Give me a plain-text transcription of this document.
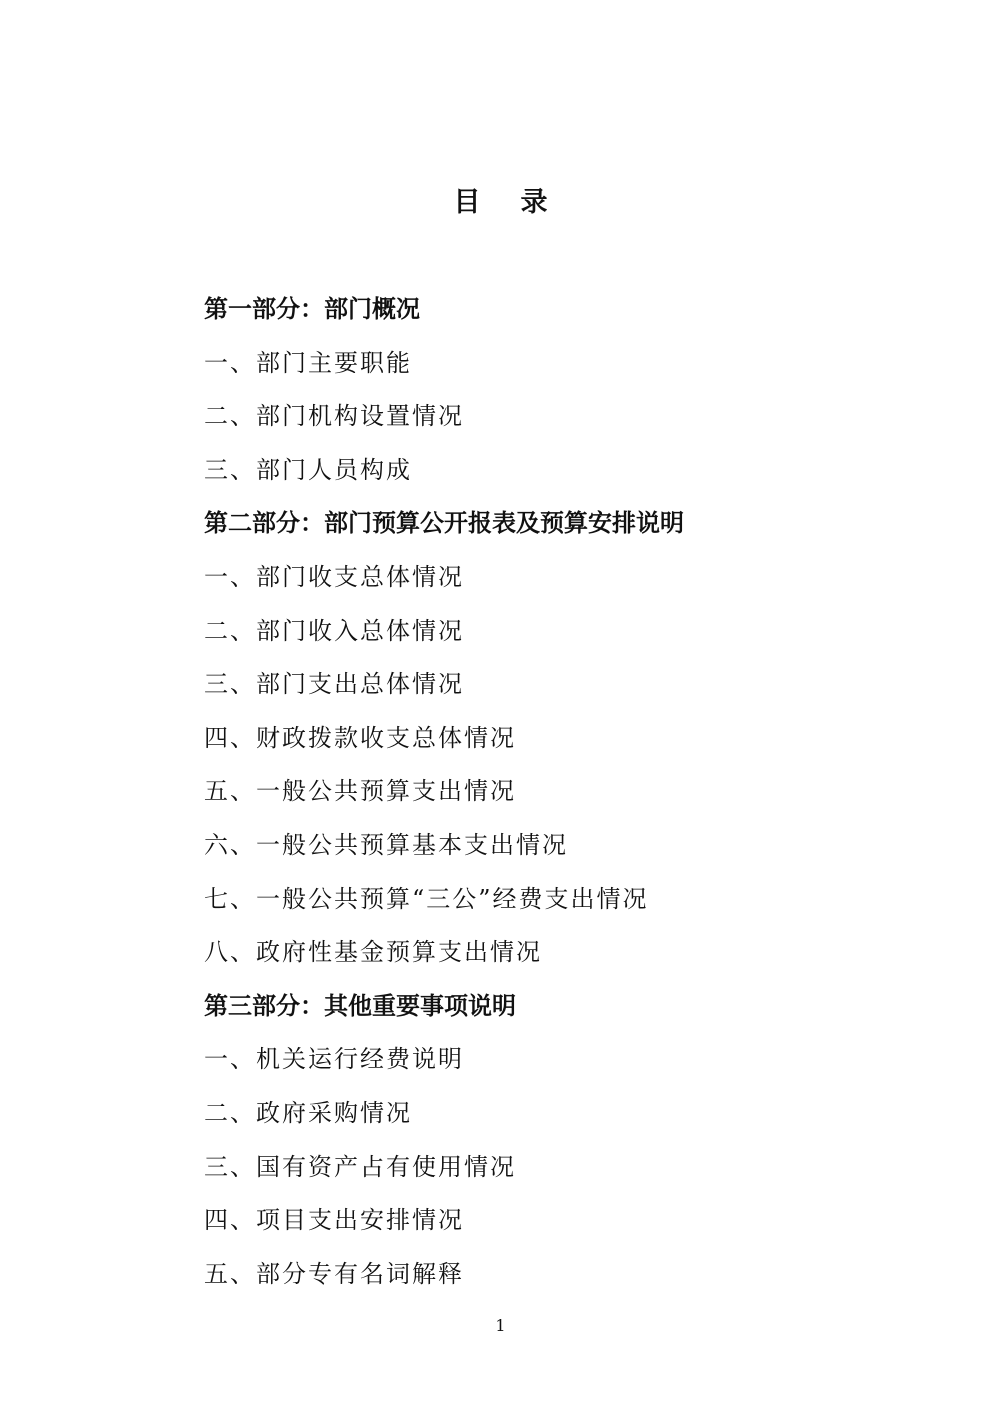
目录
第一部分：部门概况
一、部门主要职能
二、部门机构设置情况
三、部门人员构成
第二部分：部门预算公开报表及预算安排说明
一、部门收支总体情况
二、部门收入总体情况
三、部门支出总体情况
四、财政拨款收支总体情况
五、一般公共预算支出情况
六、一般公共预算基本支出情况
七、一般公共预算“三公”经费支出情况
八、政府性基金预算支出情况
第三部分：其他重要事项说明
一、机关运行经费说明
二、政府采购情况
三、国有资产占有使用情况
四、项目支出安排情况
五、部分专有名词解释
1
